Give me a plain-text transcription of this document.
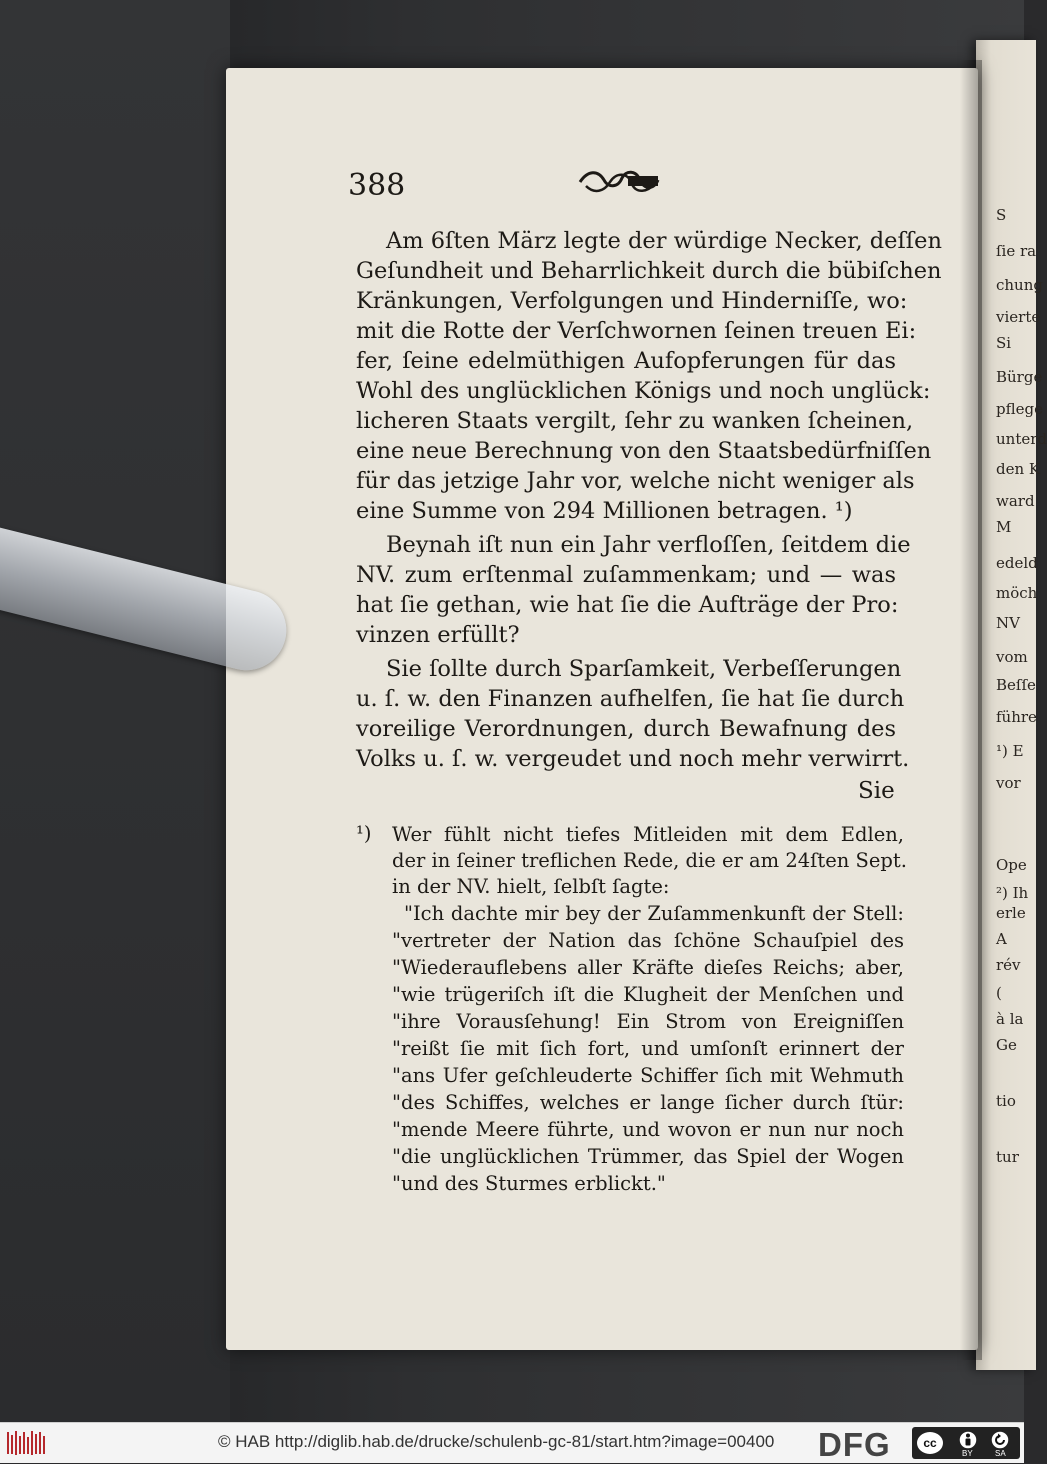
388
Am 6ſten März legte der würdige Necker, deſſen
Geſundheit und Beharrlichkeit durch die bübiſchen
Kränkungen, Verfolgungen und Hinderniſſe, wo:
mit die Rotte der Verſchwornen ſeinen treuen Ei:
fer, ſeine edelmüthigen Aufopferungen für das
Wohl des unglücklichen Königs und noch unglück:
licheren Staats vergilt, ſehr zu wanken ſcheinen,
eine neue Berechnung von den Staatsbedürfniſſen
für das jetzige Jahr vor, welche nicht weniger als
eine Summe von 294 Millionen betragen. ¹)
Beynah iſt nun ein Jahr verfloſſen, ſeitdem die
NV. zum erſtenmal zuſammenkam; und — was
hat ſie gethan, wie hat ſie die Aufträge der Pro:
vinzen erfüllt?
Sie ſollte durch Sparſamkeit, Verbeſſerungen
u. ſ. w. den Finanzen aufhelfen, ſie hat ſie durch
voreilige Verordnungen, durch Bewafnung des
Volks u. ſ. w. vergeudet und noch mehr verwirrt.
Sie
¹) Wer fühlt nicht tiefes Mitleiden mit dem Edlen,
der in ſeiner treflichen Rede, die er am 24ſten Sept.
in der NV. hielt, ſelbſt ſagte:
"Ich dachte mir bey der Zuſammenkunft der Stell:
"vertreter der Nation das ſchöne Schauſpiel des
"Wiederauflebens aller Kräfte dieſes Reichs; aber,
"wie trügeriſch iſt die Klugheit der Menſchen und
"ihre Vorausſehung! Ein Strom von Ereigniſſen
"reißt ſie mit ſich fort, und umſonſt erinnert der
"ans Ufer geſchleuderte Schiffer ſich mit Wehmuth
"des Schiffes, welches er lange ſicher durch ſtür:
"mende Meere führte, und wovon er nun nur noch
"die unglücklichen Trümmer, das Spiel der Wogen
"und des Sturmes erblickt."
S
ſie ra
chung
vierte
Si
Bürge
pflege
unterd
den K
ward
M
edeld
möch
NV
vom
Beſſe
führe
¹) E
vor
Ope
²) Ih
erle
A
rév
(
à la
Ge
tio
tur
© HAB http://diglib.hab.de/drucke/schulenb-gc-81/start.htm?image=00400 DFG	cc
BY	SA
